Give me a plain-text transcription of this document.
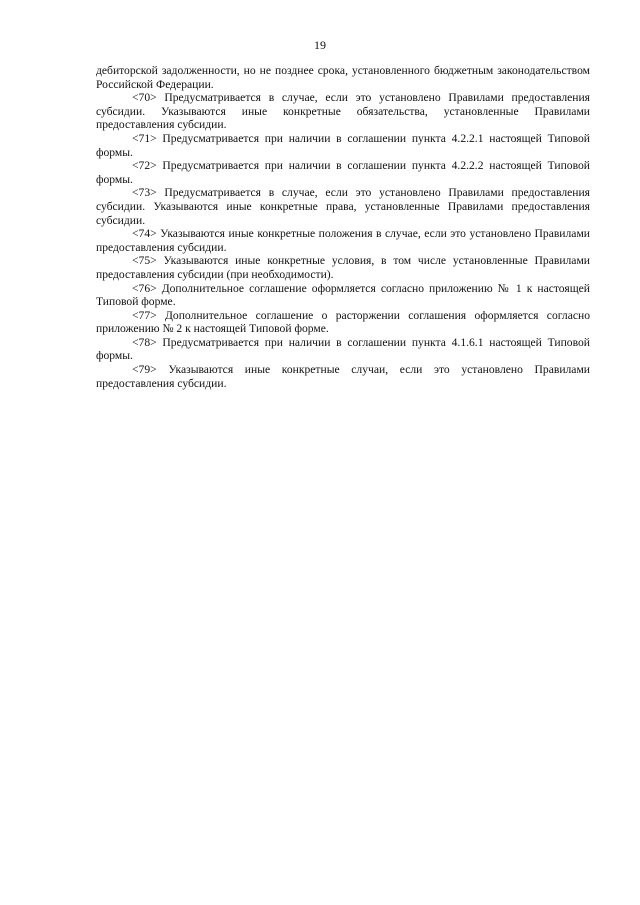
19

дебиторской задолженности, но не позднее срока, установленного бюджетным законодательством Российской Федерации.

<70> Предусматривается в случае, если это установлено Правилами предоставления субсидии. Указываются иные конкретные обязательства, установленные Правилами предоставления субсидии.

<71> Предусматривается при наличии в соглашении пункта 4.2.2.1 настоящей Типовой формы.

<72> Предусматривается при наличии в соглашении пункта 4.2.2.2 настоящей Типовой формы.

<73> Предусматривается в случае, если это установлено Правилами предоставления субсидии. Указываются иные конкретные права, установленные Правилами предоставления субсидии.

<74> Указываются иные конкретные положения в случае, если это установлено Правилами предоставления субсидии.

<75> Указываются иные конкретные условия, в том числе установленные Правилами предоставления субсидии (при необходимости).

<76> Дополнительное соглашение оформляется согласно приложению № 1 к настоящей Типовой форме.

<77> Дополнительное соглашение о расторжении соглашения оформляется согласно приложению № 2 к настоящей Типовой форме.

<78> Предусматривается при наличии в соглашении пункта 4.1.6.1 настоящей Типовой формы.

<79> Указываются иные конкретные случаи, если это установлено Правилами предоставления субсидии.
